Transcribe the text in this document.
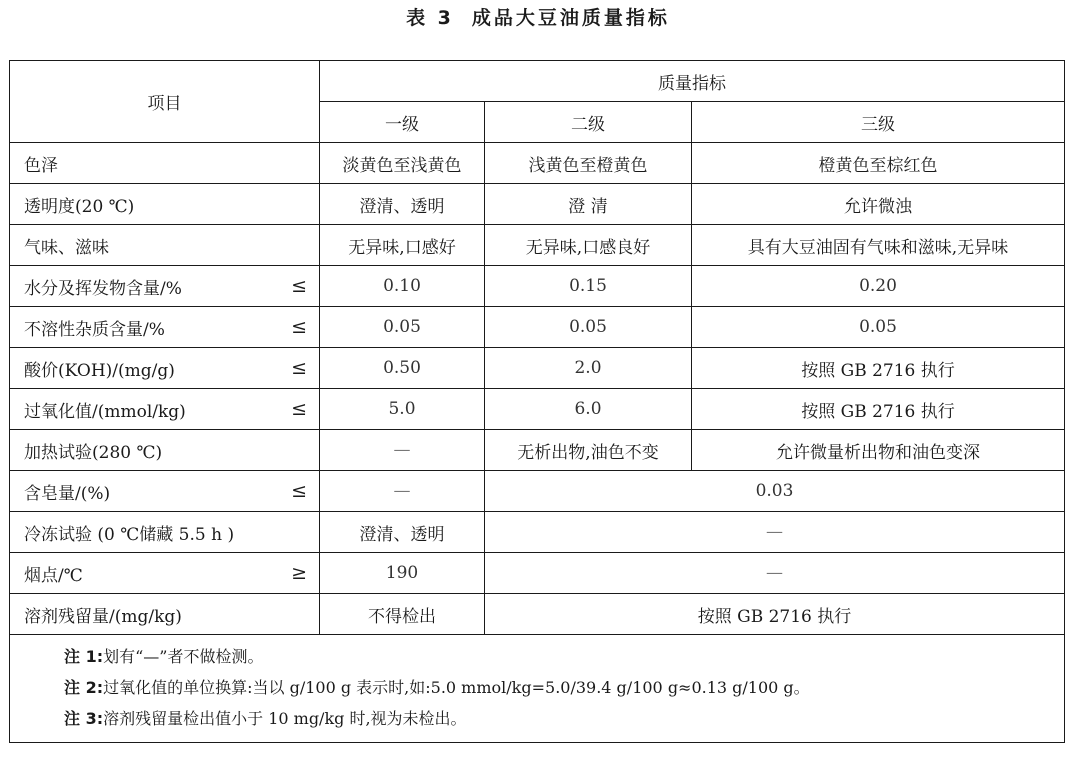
表 3 成品大豆油质量指标
项目	质量指标		
	一级	二级	三级
色泽	淡黄色至浅黄色	浅黄色至橙黄色	橙黄色至棕红色
透明度(20 ℃)	澄清、透明	澄 清	允许微浊
气味、滋味	无异味,口感好	无异味,口感良好	具有大豆油固有气味和滋味,无异味
水分及挥发物含量/% ≤	0.10	0.15	0.20
不溶性杂质含量/% ≤	0.05	0.05	0.05
酸价(KOH)/(mg/g) ≤	0.50	2.0	按照 GB 2716 执行
过氧化值/(mmol/kg) ≤	5.0	6.0	按照 GB 2716 执行
加热试验(280 ℃)	—	无析出物,油色不变	允许微量析出物和油色变深
含皂量/(%) ≤	—	0.03	
冷冻试验 (0 ℃储藏 5.5 h )	澄清、透明	—	
烟点/℃ ≥	190	—	
溶剂残留量/(mg/kg)	不得检出	按照 GB 2716 执行	

注 1:划有“—”者不做检测。
注 2:过氧化值的单位换算:当以 g/100 g 表示时,如:5.0 mmol/kg=5.0/39.4 g/100 g≈0.13 g/100 g。
注 3:溶剂残留量检出值小于 10 mg/kg 时,视为未检出。			
